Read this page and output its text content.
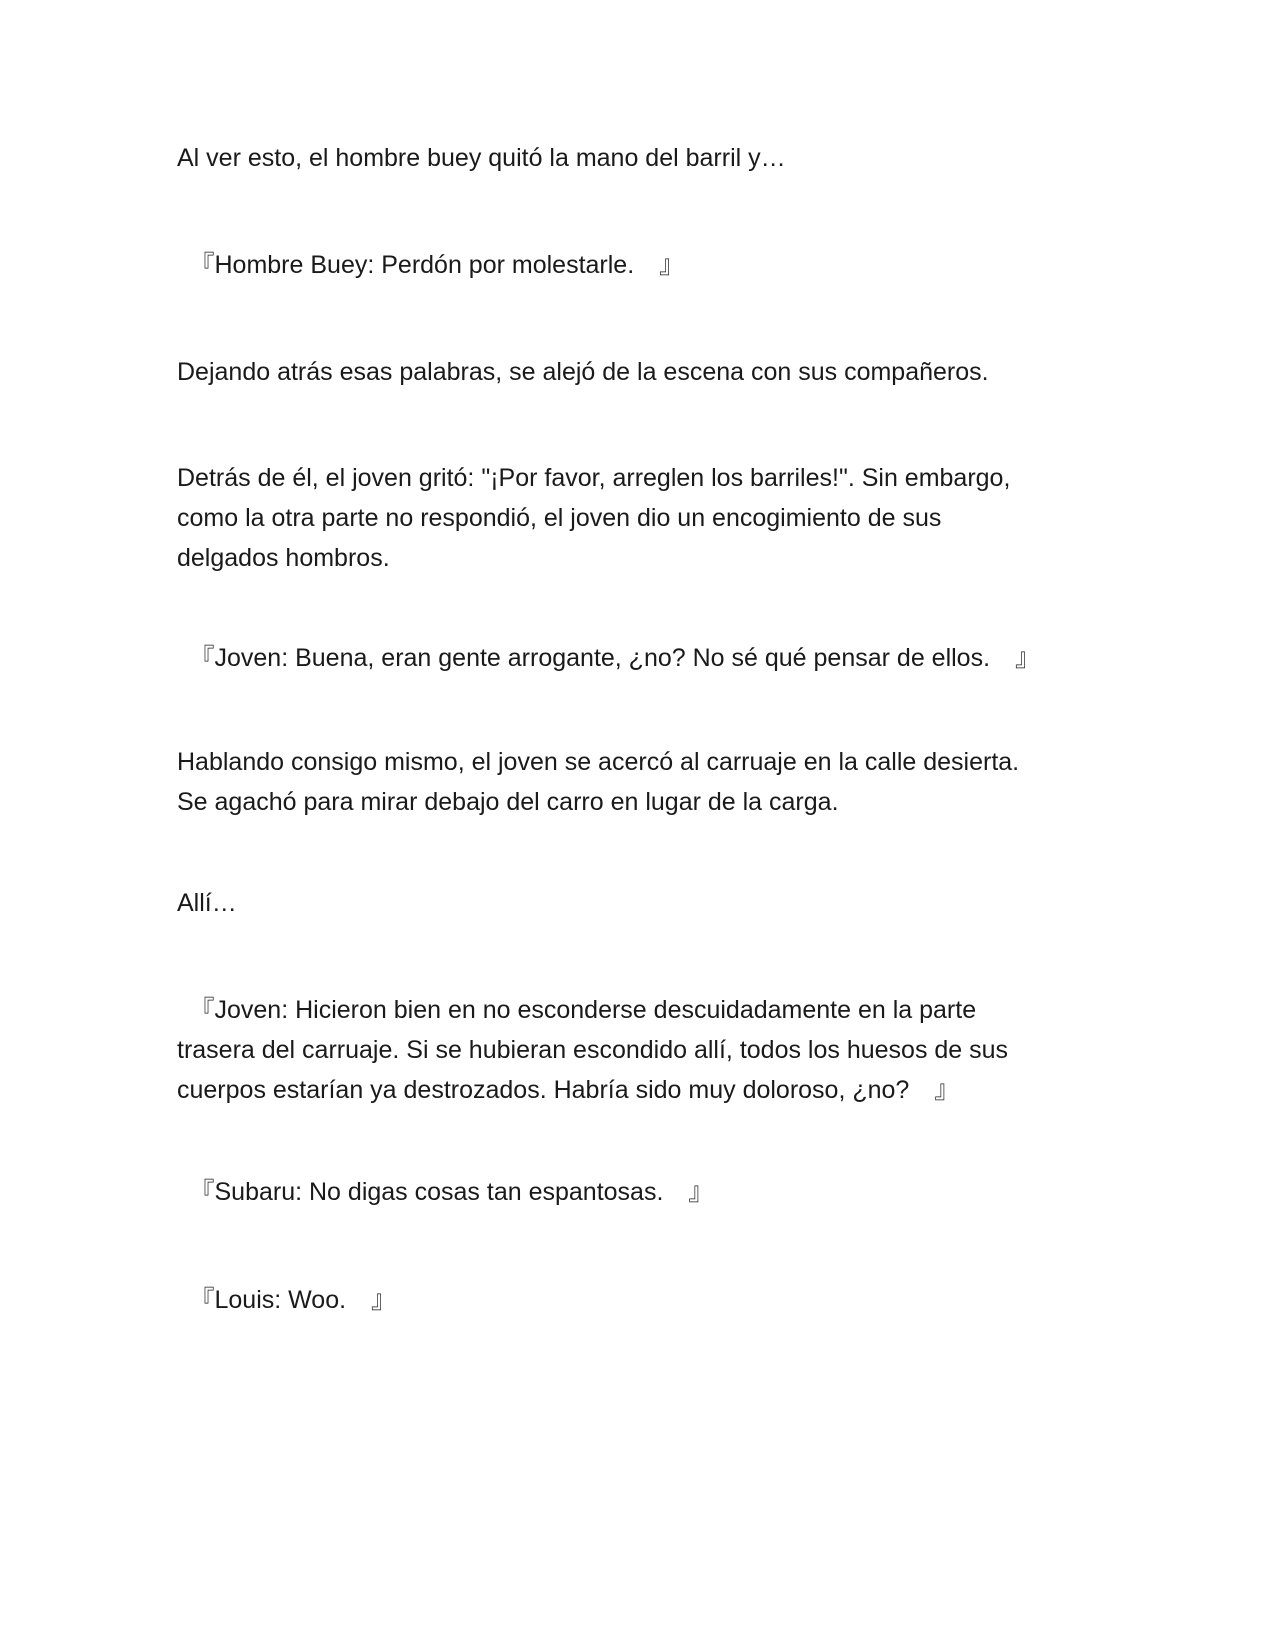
Al ver esto, el hombre buey quitó la mano del barril y…

　『Hombre Buey: Perdón por molestarle.　』

Dejando atrás esas palabras, se alejó de la escena con sus compañeros.

Detrás de él, el joven gritó: "¡Por favor, arreglen los barriles!". Sin embargo,
como la otra parte no respondió, el joven dio un encogimiento de sus
delgados hombros.

　『Joven: Buena, eran gente arrogante, ¿no? No sé qué pensar de ellos.　』

Hablando consigo mismo, el joven se acercó al carruaje en la calle desierta.
Se agachó para mirar debajo del carro en lugar de la carga.

Allí…

　『Joven: Hicieron bien en no esconderse descuidadamente en la parte
trasera del carruaje. Si se hubieran escondido allí, todos los huesos de sus
cuerpos estarían ya destrozados. Habría sido muy doloroso, ¿no?　』

　『Subaru: No digas cosas tan espantosas.　』

　『Louis: Woo.　』
